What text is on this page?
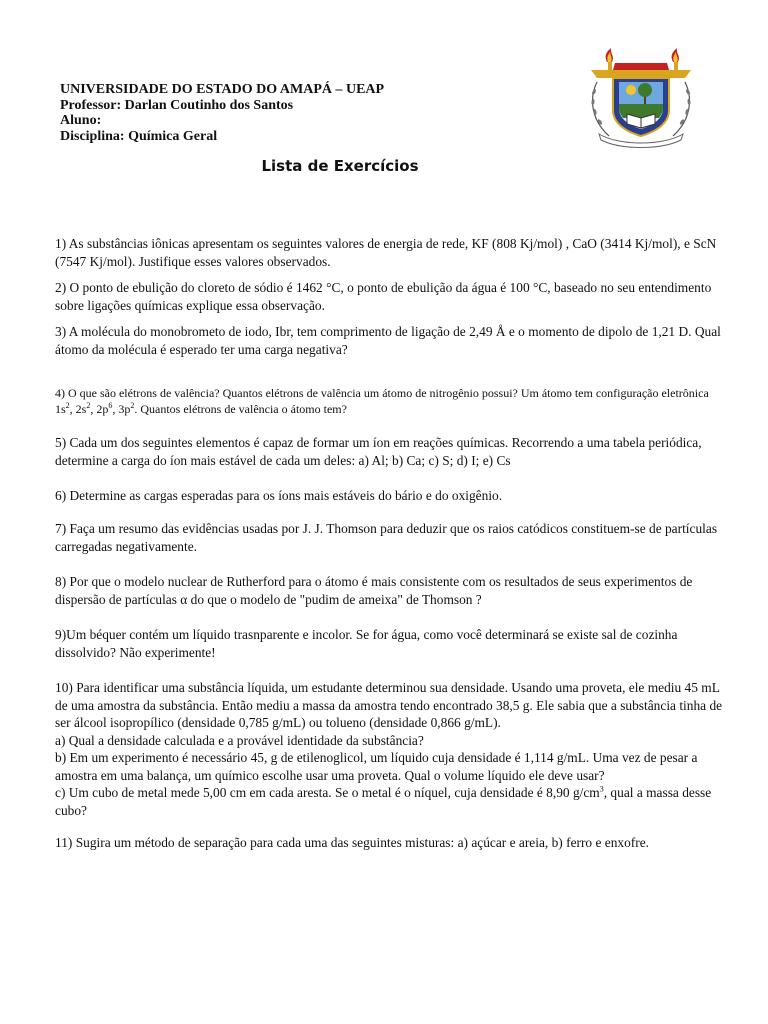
UNIVERSIDADE DO ESTADO DO AMAPÁ – UEAP
Professor: Darlan Coutinho dos Santos
Aluno:
Disciplina: Química Geral
Lista de Exercícios
1) As substâncias iônicas apresentam os seguintes valores de energia de rede, KF (808 Kj/mol) , CaO (3414 Kj/mol), e ScN (7547 Kj/mol). Justifique esses valores observados.
2) O ponto de ebulição do cloreto de sódio é 1462 °C, o ponto de ebulição da água é 100 °C, baseado no seu entendimento sobre ligações químicas explique essa observação.
3) A molécula do monobrometo de iodo, Ibr, tem comprimento de ligação de 2,49 Å e o momento de dipolo de 1,21 D. Qual átomo da molécula é esperado ter uma carga negativa?
4) O que são elétrons de valência? Quantos elétrons de valência um átomo de nitrogênio possui? Um átomo tem configuração eletrônica $1s^2$, $2s^2$, $2p^6$, $3p^2$. Quantos elétrons de valência o átomo tem?
5) Cada um dos seguintes elementos é capaz de formar um íon em reações químicas. Recorrendo a uma tabela periódica, determine a carga do íon mais estável de cada um deles: a) Al; b) Ca; c) S; d) I; e) Cs
6) Determine as cargas esperadas para os íons mais estáveis do bário e do oxigênio.
7) Faça um resumo das evidências usadas por J. J. Thomson para deduzir que os raios catódicos constituem-se de partículas carregadas negativamente.
8) Por que o modelo nuclear de Rutherford para o átomo é mais consistente com os resultados de seus experimentos de dispersão de partículas α do que o modelo de "pudim de ameixa" de Thomson ?
9)Um béquer contém um líquido trasnparente e incolor. Se for água, como você determinará se existe sal de cozinha dissolvido? Não experimente!

10) Para identificar uma substância líquida, um estudante determinou sua densidade. Usando uma proveta, ele mediu 45 mL de uma amostra da substância. Então mediu a massa da amostra tendo encontrado 38,5 g. Ele sabia que a substância tinha de ser álcool isopropílico (densidade 0,785 g/mL) ou tolueno (densidade 0,866 g/mL).

a) Qual a densidade calculada e a provável identidade da substância?

b) Em um experimento é necessário 45, g de etilenoglicol, um líquido cuja densidade é 1,114 g/mL. Uma vez de pesar a amostra em uma balança, um químico escolhe usar uma proveta. Qual o volume líquido ele deve usar?

c) Um cubo de metal mede 5,00 cm em cada aresta. Se o metal é o níquel, cuja densidade é 8,90 $g/cm^3$, qual a massa desse cubo?

11) Sugira um método de separação para cada uma das seguintes misturas: a) açúcar e areia, b) ferro e enxofre.
